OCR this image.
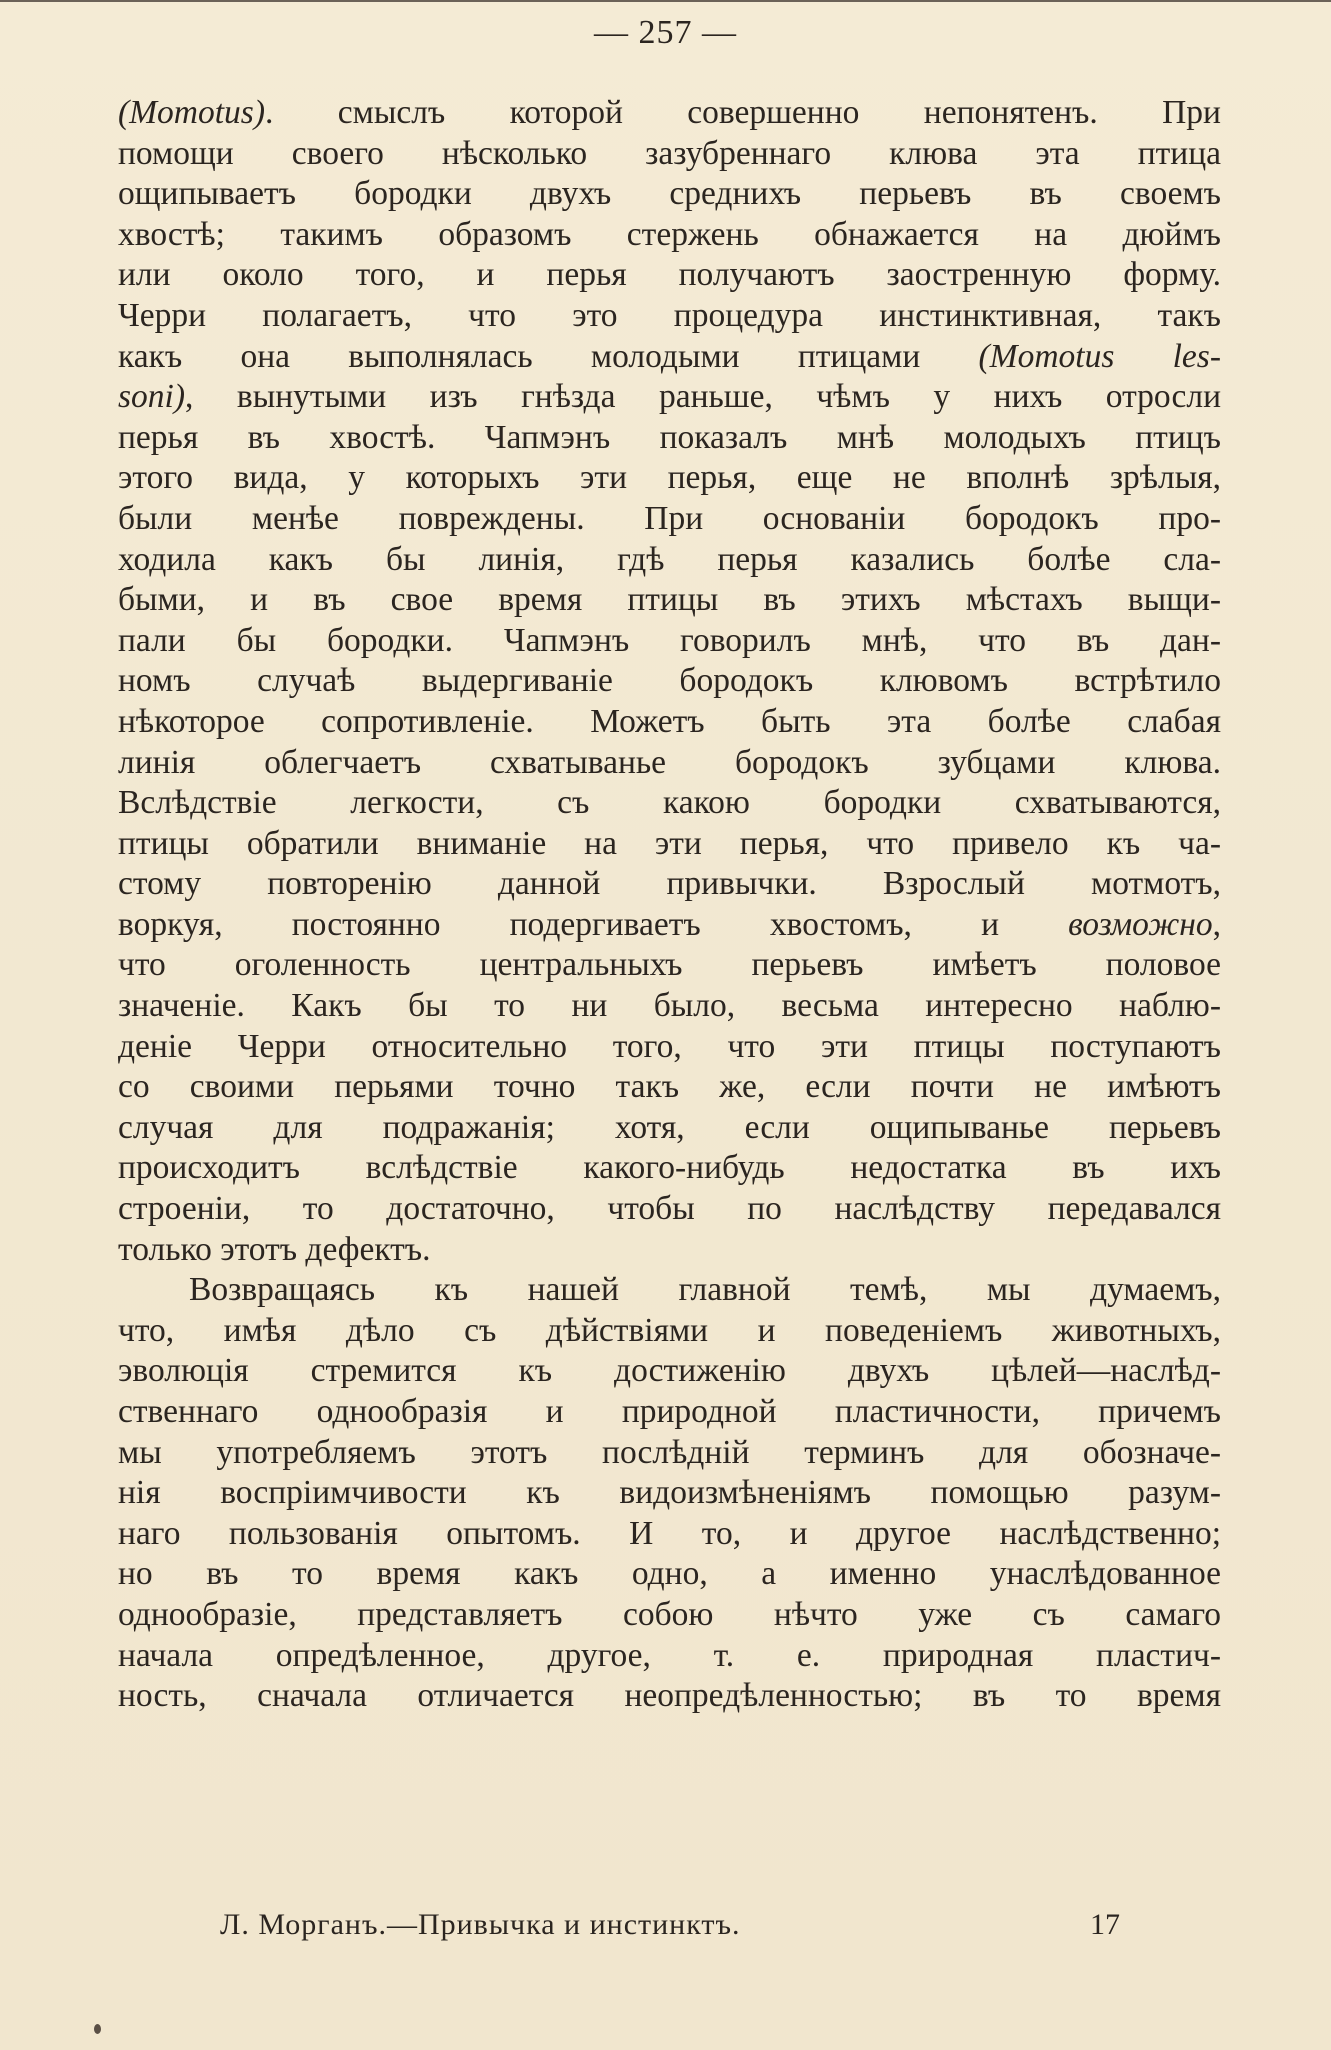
— 257 —
(Momotus). смыслъ которой совершенно непонятенъ. При
помощи своего нѣсколько зазубреннаго клюва эта птица
ощипываетъ бородки двухъ среднихъ перьевъ въ своемъ
хвостѣ; такимъ образомъ стержень обнажается на дюймъ
или около того, и перья получаютъ заостренную форму.
Черри полагаетъ, что это процедура инстинктивная, такъ
какъ она выполнялась молодыми птицами (Momotus les-
soni), вынутыми изъ гнѣзда раньше, чѣмъ у нихъ отросли
перья въ хвостѣ. Чапмэнъ показалъ мнѣ молодыхъ птицъ
этого вида, у которыхъ эти перья, еще не вполнѣ зрѣлыя,
были менѣе повреждены. При основаніи бородокъ про-
ходила какъ бы линія, гдѣ перья казались болѣе сла-
быми, и въ свое время птицы въ этихъ мѣстахъ выщи-
пали бы бородки. Чапмэнъ говорилъ мнѣ, что въ дан-
номъ случаѣ выдергиваніе бородокъ клювомъ встрѣтило
нѣкоторое сопротивленіе. Можетъ быть эта болѣе слабая
линія облегчаетъ схватыванье бородокъ зубцами клюва.
Вслѣдствіе легкости, съ какою бородки схватываются,
птицы обратили вниманіе на эти перья, что привело къ ча-
стому повторенію данной привычки. Взрослый мотмотъ,
воркуя, постоянно подергиваетъ хвостомъ, и возможно,
что оголенность центральныхъ перьевъ имѣетъ половое
значеніе. Какъ бы то ни было, весьма интересно наблю-
деніе Черри относительно того, что эти птицы поступаютъ
со своими перьями точно такъ же, если почти не имѣютъ
случая для подражанія; хотя, если ощипыванье перьевъ
происходитъ вслѣдствіе какого-нибудь недостатка въ ихъ
строеніи, то достаточно, чтобы по наслѣдству передавался
только этотъ дефектъ.
Возвращаясь къ нашей главной темѣ, мы думаемъ,
что, имѣя дѣло съ дѣйствіями и поведеніемъ животныхъ,
эволюція стремится къ достиженію двухъ цѣлей—наслѣд-
ственнаго однообразія и природной пластичности, причемъ
мы употребляемъ этотъ послѣдній терминъ для обозначе-
нія воспріимчивости къ видоизмѣненіямъ помощью разум-
наго пользованія опытомъ. И то, и другое наслѣдственно;
но въ то время какъ одно, а именно унаслѣдованное
однообразіе, представляетъ собою нѣчто уже съ самаго
начала опредѣленное, другое, т. е. природная пластич-
ность, сначала отличается неопредѣленностью; въ то время
Л. Морганъ.—Привычка и инстинктъ.	17
